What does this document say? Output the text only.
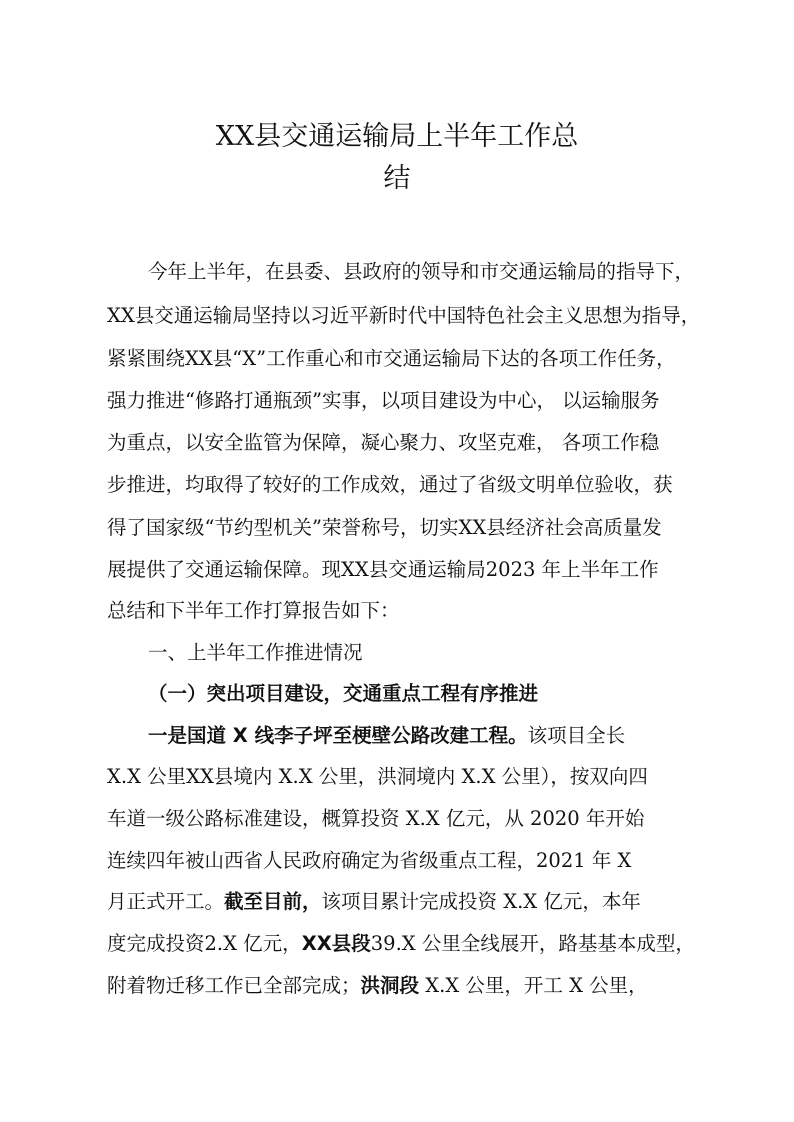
XX县交通运输局上半年工作总
结
今年上半年，在县委、县政府的领导和市交通运输局的指导下，
XX县交通运输局坚持以习近平新时代中国特色社会主义思想为指导，
紧紧围绕XX县“X”工作重心和市交通运输局下达的各项工作任务，
强力推进“修路打通瓶颈”实事，以项目建设为中心， 以运输服务
为重点，以安全监管为保障，凝心聚力、攻坚克难， 各项工作稳
步推进，均取得了较好的工作成效，通过了省级文明单位验收，获
得了国家级“节约型机关”荣誉称号，切实XX县经济社会高质量发
展提供了交通运输保障。现XX县交通运输局2023 年上半年工作
总结和下半年工作打算报告如下：
一、上半年工作推进情况
（一）突出项目建设，交通重点工程有序推进
一是国道 X 线李子坪至梗壁公路改建工程。该项目全长
X.X 公里XX县境内 X.X 公里，洪洞境内 X.X 公里），按双向四
车道一级公路标准建设，概算投资 X.X 亿元，从 2020 年开始
连续四年被山西省人民政府确定为省级重点工程，2021 年 X
月正式开工。截至目前，该项目累计完成投资 X.X 亿元，本年
度完成投资2.X 亿元，XX县段39.X 公里全线展开，路基基本成型，
附着物迁移工作已全部完成；洪洞段 X.X 公里，开工 X 公里，
